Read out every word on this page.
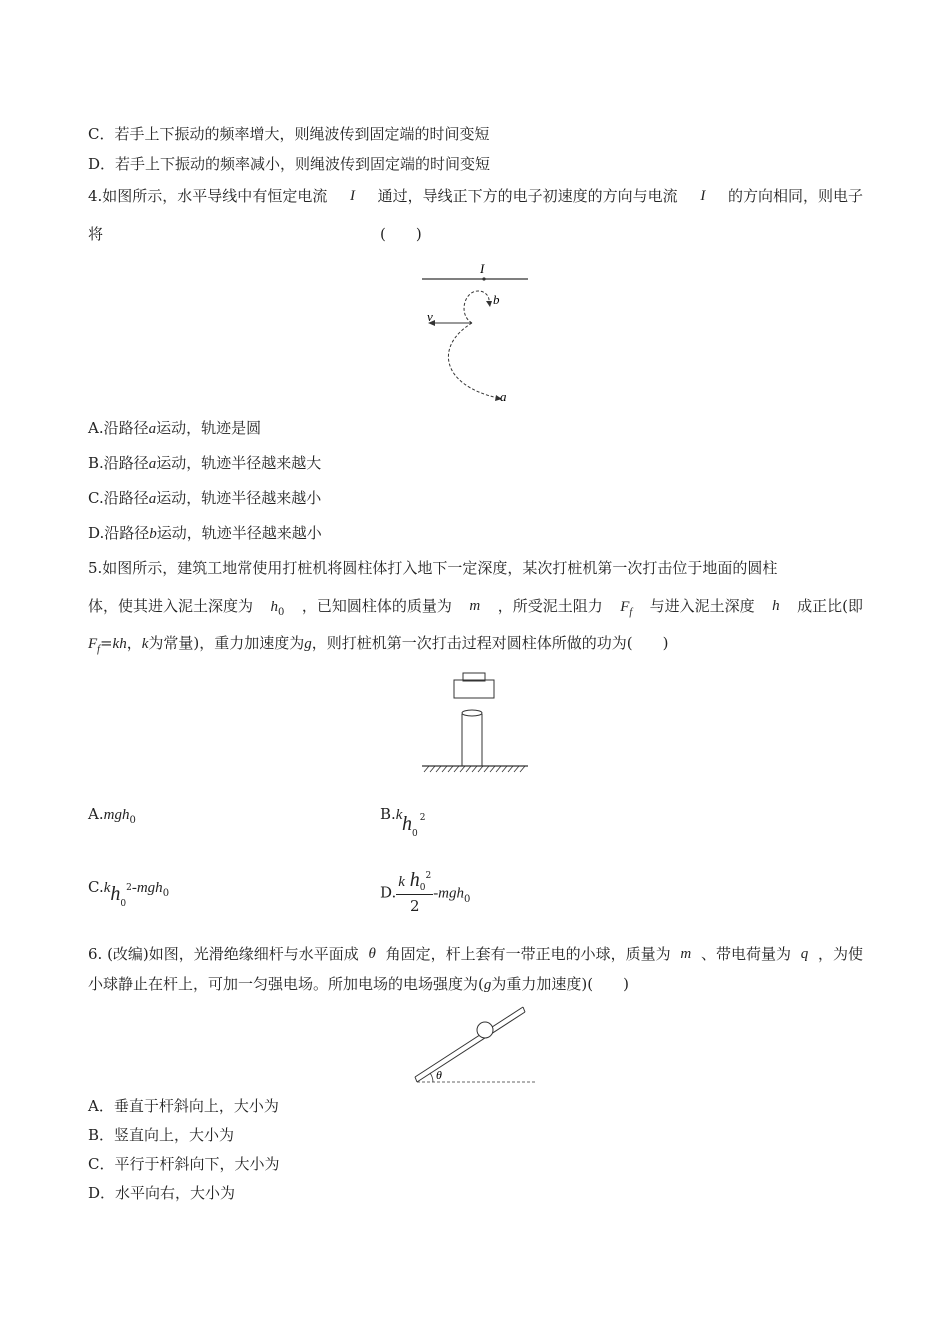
C．若手上下振动的频率增大，则绳波传到固定端的时间变短
D．若手上下振动的频率减小，则绳波传到固定端的时间变短
4.如图所示，水平导线中有恒定电流 I 通过，导线正下方的电子初速度的方向与电流 I 的方向相同，则电子
将	(　　)
I
b
v
a
A.沿路径a运动，轨迹是圆
B.沿路径a运动，轨迹半径越来越大
C.沿路径a运动，轨迹半径越来越小
D.沿路径b运动，轨迹半径越来越小
5.如图所示，建筑工地常使用打桩机将圆柱体打入地下一定深度，某次打桩机第一次打击位于地面的圆柱
体，使其进入泥土深度为 $h_0$ ，已知圆柱体的质量为 m ，所受泥土阻力 $F_f$ 与进入泥土深度 h 成正比(即
$F_f=kh$，k为常量)，重力加速度为g，则打桩机第一次打击过程对圆柱体所做的功为(　　)
A.mgh$_0$	B.k $h_0^2$
$C.kh_02-mgh_0$	D. $\frac{k h_0^2}{2} -mgh_0$
6. (改编)如图，光滑绝缘细杆与水平面成 θ 角固定，杆上套有一带正电的小球，质量为 m 、带电荷量为 q ，为使
小球静止在杆上，可加一匀强电场。所加电场的电场强度为(g为重力加速度)(　　)
θ
A．垂直于杆斜向上，大小为
B．竖直向上，大小为
C．平行于杆斜向下，大小为
D．水平向右，大小为
